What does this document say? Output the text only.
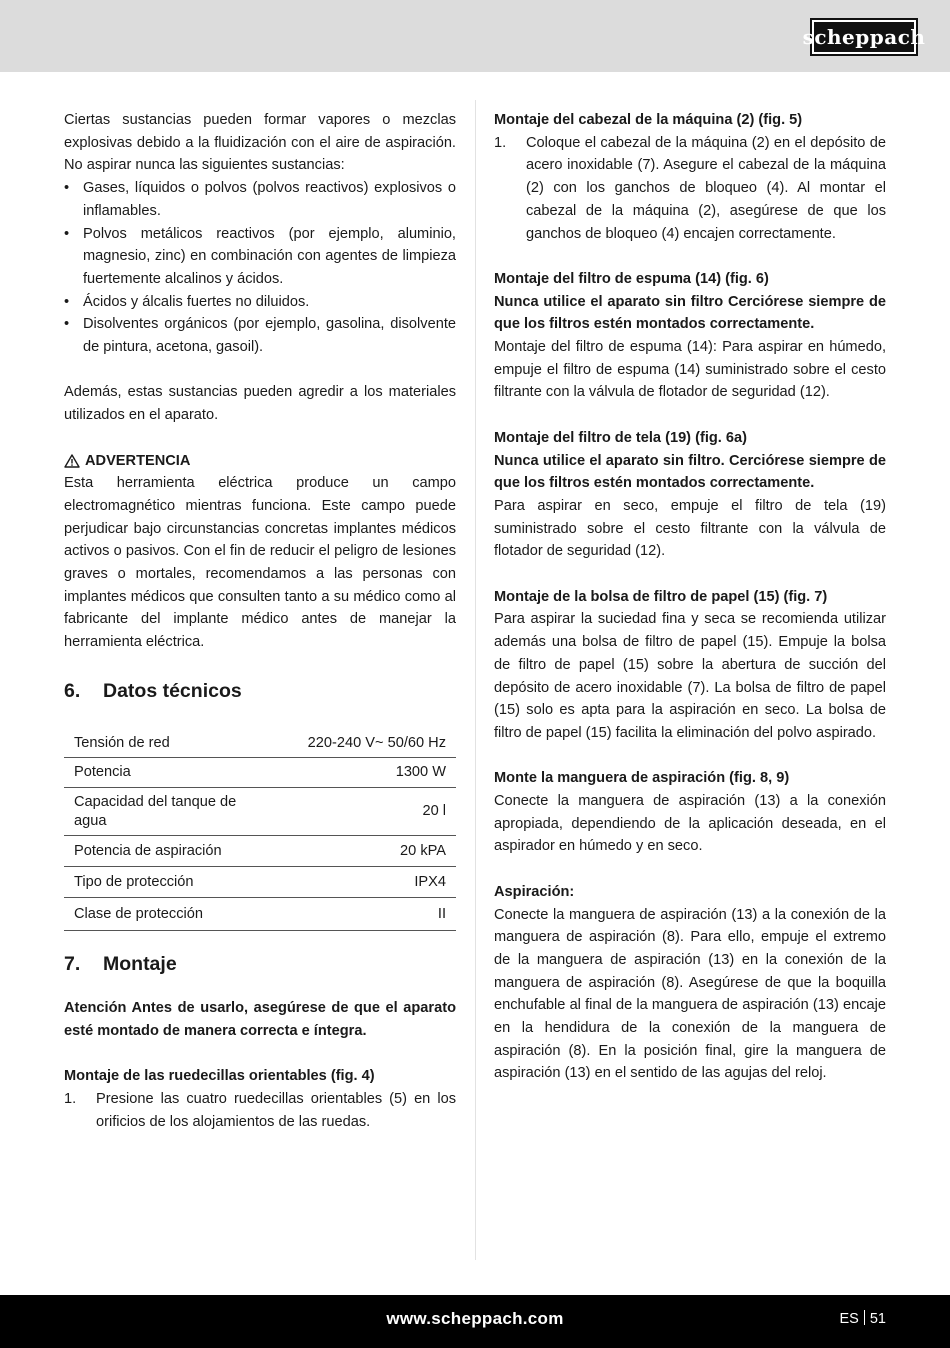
scheppach

Ciertas sustancias pueden formar vapores o mezclas explosivas debido a la fluidización con el aire de aspiración. No aspirar nunca las siguientes sustancias:

• Gases, líquidos o polvos (polvos reactivos) explosivos o inflamables.
• Polvos metálicos reactivos (por ejemplo, aluminio, magnesio, zinc) en combinación con agentes de limpieza fuertemente alcalinos y ácidos.
• Ácidos y álcalis fuertes no diluidos.
• Disolventes orgánicos (por ejemplo, gasolina, disolvente de pintura, acetona, gasoil).

Además, estas sustancias pueden agredir a los materiales utilizados en el aparato.

ADVERTENCIA

Esta herramienta eléctrica produce un campo electromagnético mientras funciona. Este campo puede perjudicar bajo circunstancias concretas implantes médicos activos o pasivos. Con el fin de reducir el peligro de lesiones graves o mortales, recomendamos a las personas con implantes médicos que consulten tanto a su médico como al fabricante del implante médico antes de manejar la herramienta eléctrica.

6.	Datos técnicos
Tensión de red	220-240 V~ 50/60 Hz
Potencia	1300 W
Capacidad del tanque de agua	20 l
Potencia de aspiración	20 kPA
Tipo de protección	IPX4
Clase de protección	II
7.	Montaje

Atención Antes de usarlo, asegúrese de que el aparato esté montado de manera correcta e íntegra.

Montaje de las ruedecillas orientables (fig. 4)

1. Presione las cuatro ruedecillas orientables (5) en los orificios de los alojamientos de las ruedas.

Montaje del cabezal de la máquina (2) (fig. 5)

1. Coloque el cabezal de la máquina (2) en el depósito de acero inoxidable (7). Asegure el cabezal de la máquina (2) con los ganchos de bloqueo (4). Al montar el cabezal de la máquina (2), asegúrese de que los ganchos de bloqueo (4) encajen correctamente.

Montaje del filtro de espuma (14) (fig. 6)

Nunca utilice el aparato sin filtro Cerciórese siempre de que los filtros estén montados correctamente.

Montaje del filtro de espuma (14): Para aspirar en húmedo, empuje el filtro de espuma (14) suministrado sobre el cesto filtrante con la válvula de flotador de seguridad (12).

Montaje del filtro de tela (19) (fig. 6a)

Nunca utilice el aparato sin filtro. Cerciórese siempre de que los filtros estén montados correctamente.

Para aspirar en seco, empuje el filtro de tela (19) suministrado sobre el cesto filtrante con la válvula de flotador de seguridad (12).

Montaje de la bolsa de filtro de papel (15) (fig. 7)

Para aspirar la suciedad fina y seca se recomienda utilizar además una bolsa de filtro de papel (15). Empuje la bolsa de filtro de papel (15) sobre la abertura de succión del depósito de acero inoxidable (7). La bolsa de filtro de papel (15) solo es apta para la aspiración en seco. La bolsa de filtro de papel (15) facilita la eliminación del polvo aspirado.

Monte la manguera de aspiración (fig. 8, 9)

Conecte la manguera de aspiración (13) a la conexión apropiada, dependiendo de la aplicación deseada, en el aspirador en húmedo y en seco.

Aspiración:

Conecte la manguera de aspiración (13) a la conexión de la manguera de aspiración (8). Para ello, empuje el extremo de la manguera de aspiración (13) en la conexión de la manguera de aspiración (8). Asegúrese de que la boquilla enchufable al final de la manguera de aspiración (13) encaje en la hendidura de la conexión de la manguera de aspiración (8). En la posición final, gire la manguera de aspiración (13) en el sentido de las agujas del reloj.

www.scheppach.com	ES 51
